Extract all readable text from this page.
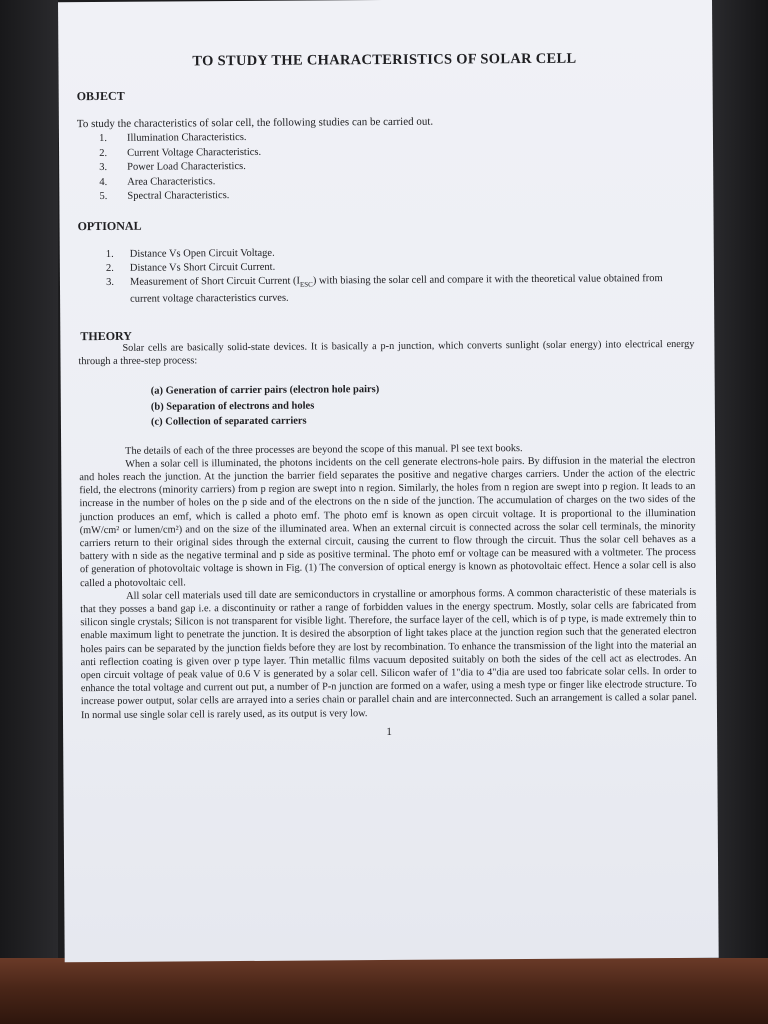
TO STUDY THE CHARACTERISTICS OF SOLAR CELL
OBJECT
To study the characteristics of solar cell, the following studies can be carried out.
1.	Illumination Characteristics.
2.	Current Voltage Characteristics.
3.	Power Load Characteristics.
4.	Area Characteristics.
5.	Spectral Characteristics.
OPTIONAL
1.	Distance Vs Open Circuit Voltage.
2.	Distance Vs Short Circuit Current.
3.	Measurement of Short Circuit Current $(I_{ESC})$ with biasing the solar cell and compare it with the theoretical value obtained from current voltage characteristics curves.
THEORY

Solar cells are basically solid-state devices. It is basically a p-n junction, which converts sunlight (solar energy) into electrical energy through a three-step process:

(a) Generation of carrier pairs (electron hole pairs)
(b) Separation of electrons and holes
(c) Collection of separated carriers

The details of each of the three processes are beyond the scope of this manual. Pl see text books.

When a solar cell is illuminated, the photons incidents on the cell generate electrons-hole pairs. By diffusion in the material the electron and holes reach the junction. At the junction the barrier field separates the positive and negative charges carriers. Under the action of the electric field, the electrons (minority carriers) from p region are swept into n region. Similarly, the holes from n region are swept into p region. It leads to an increase in the number of holes on the p side and of the electrons on the n side of the junction. The accumulation of charges on the two sides of the junction produces an emf, which is called a photo emf. The photo emf is known as open circuit voltage. It is proportional to the illumination (mW/cm² or lumen/cm²) and on the size of the illuminated area. When an external circuit is connected across the solar cell terminals, the minority carriers return to their original sides through the external circuit, causing the current to flow through the circuit. Thus the solar cell behaves as a battery with n side as the negative terminal and p side as positive terminal. The photo emf or voltage can be measured with a voltmeter. The process of generation of photovoltaic voltage is shown in Fig. (1) The conversion of optical energy is known as photovoltaic effect. Hence a solar cell is also called a photovoltaic cell.

All solar cell materials used till date are semiconductors in crystalline or amorphous forms. A common characteristic of these materials is that they posses a band gap i.e. a discontinuity or rather a range of forbidden values in the energy spectrum. Mostly, solar cells are fabricated from silicon single crystals; Silicon is not transparent for visible light. Therefore, the surface layer of the cell, which is of p type, is made extremely thin to enable maximum light to penetrate the junction. It is desired the absorption of light takes place at the junction region such that the generated electron holes pairs can be separated by the junction fields before they are lost by recombination. To enhance the transmission of the light into the material an anti reflection coating is given over p type layer. Thin metallic films vacuum deposited suitably on both the sides of the cell act as electrodes. An open circuit voltage of peak value of 0.6 V is generated by a solar cell. Silicon wafer of 1"dia to 4"dia are used too fabricate solar cells. In order to enhance the total voltage and current out put, a number of P-n junction are formed on a wafer, using a mesh type or finger like electrode structure. To increase power output, solar cells are arrayed into a series chain or parallel chain and are interconnected. Such an arrangement is called a solar panel. In normal use single solar cell is rarely used, as its output is very low.

1
